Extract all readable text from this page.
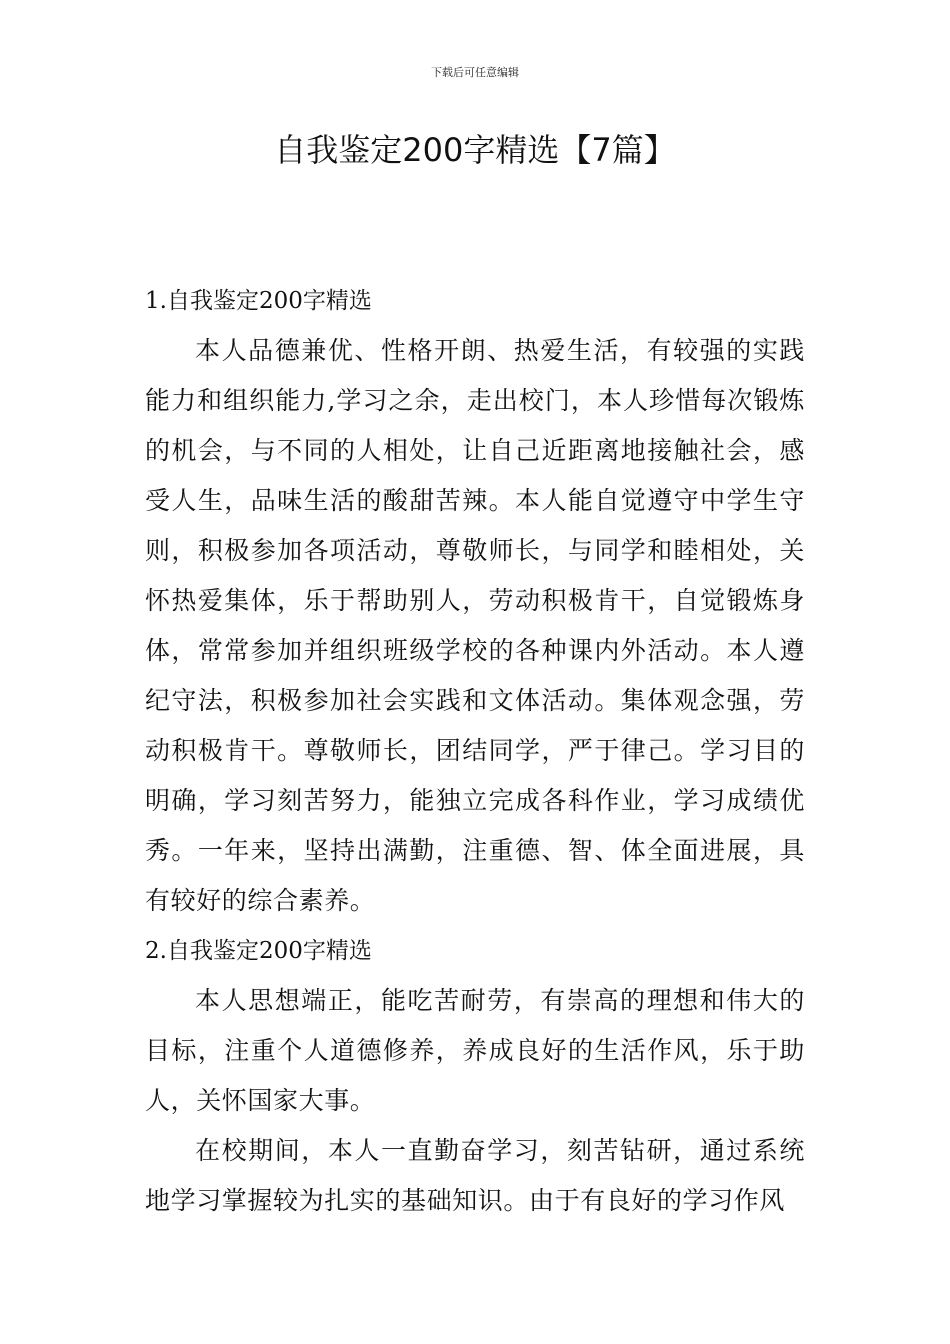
下载后可任意编辑
自我鉴定200字精选【7篇】
1.自我鉴定200字精选

本人品德兼优、性格开朗、热爱生活，有较强的实践能力和组织能力,学习之余，走出校门，本人珍惜每次锻炼的机会，与不同的人相处，让自己近距离地接触社会，感受人生，品味生活的酸甜苦辣。本人能自觉遵守中学生守则，积极参加各项活动，尊敬师长，与同学和睦相处，关怀热爱集体，乐于帮助别人，劳动积极肯干，自觉锻炼身体，常常参加并组织班级学校的各种课内外活动。本人遵纪守法，积极参加社会实践和文体活动。集体观念强，劳动积极肯干。尊敬师长，团结同学，严于律己。学习目的明确，学习刻苦努力，能独立完成各科作业，学习成绩优秀。一年来，坚持出满勤，注重德、智、体全面进展，具有较好的综合素养。

2.自我鉴定200字精选

本人思想端正，能吃苦耐劳，有崇高的理想和伟大的目标，注重个人道德修养，养成良好的生活作风，乐于助人，关怀国家大事。

在校期间，本人一直勤奋学习，刻苦钻研，通过系统地学习掌握较为扎实的基础知识。由于有良好的学习作风
